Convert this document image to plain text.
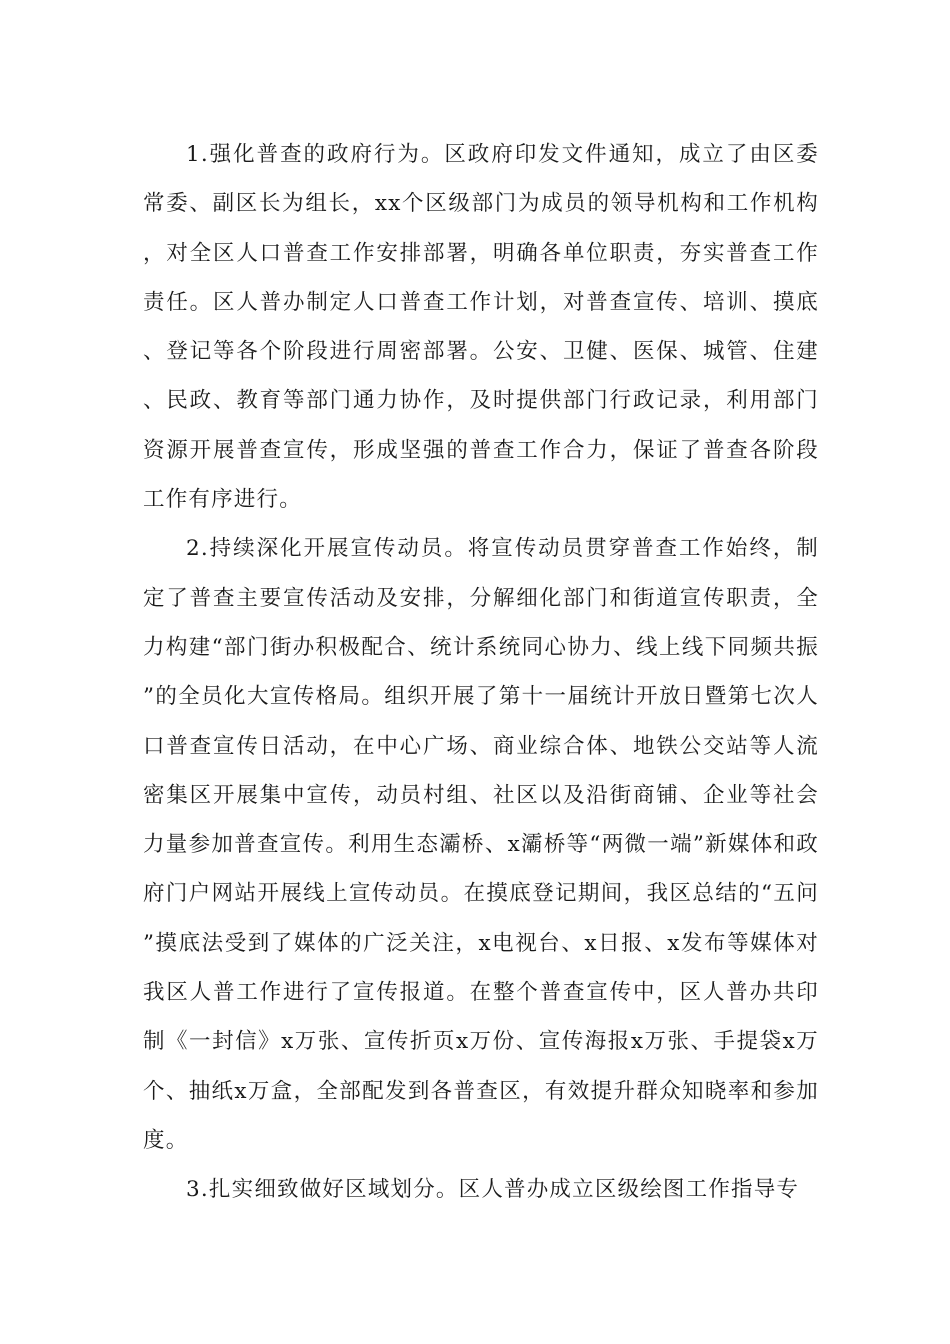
1.强化普查的政府行为。区政府印发文件通知，成立了由区委常委、副区长为组长，xx个区级部门为成员的领导机构和工作机构，对全区人口普查工作安排部署，明确各单位职责，夯实普查工作责任。区人普办制定人口普查工作计划，对普查宣传、培训、摸底、登记等各个阶段进行周密部署。公安、卫健、医保、城管、住建、民政、教育等部门通力协作，及时提供部门行政记录，利用部门资源开展普查宣传，形成坚强的普查工作合力，保证了普查各阶段工作有序进行。

2.持续深化开展宣传动员。将宣传动员贯穿普查工作始终，制定了普查主要宣传活动及安排，分解细化部门和街道宣传职责，全力构建“部门街办积极配合、统计系统同心协力、线上线下同频共振”的全员化大宣传格局。组织开展了第十一届统计开放日暨第七次人口普查宣传日活动，在中心广场、商业综合体、地铁公交站等人流密集区开展集中宣传，动员村组、社区以及沿街商铺、企业等社会力量参加普查宣传。利用生态灞桥、x灞桥等“两微一端”新媒体和政府门户网站开展线上宣传动员。在摸底登记期间，我区总结的“五问”摸底法受到了媒体的广泛关注，x电视台、x日报、x发布等媒体对我区人普工作进行了宣传报道。在整个普查宣传中，区人普办共印制《一封信》x万张、宣传折页x万份、宣传海报x万张、手提袋x万个、抽纸x万盒，全部配发到各普查区，有效提升群众知晓率和参加度。

3.扎实细致做好区域划分。区人普办成立区级绘图工作指导专
